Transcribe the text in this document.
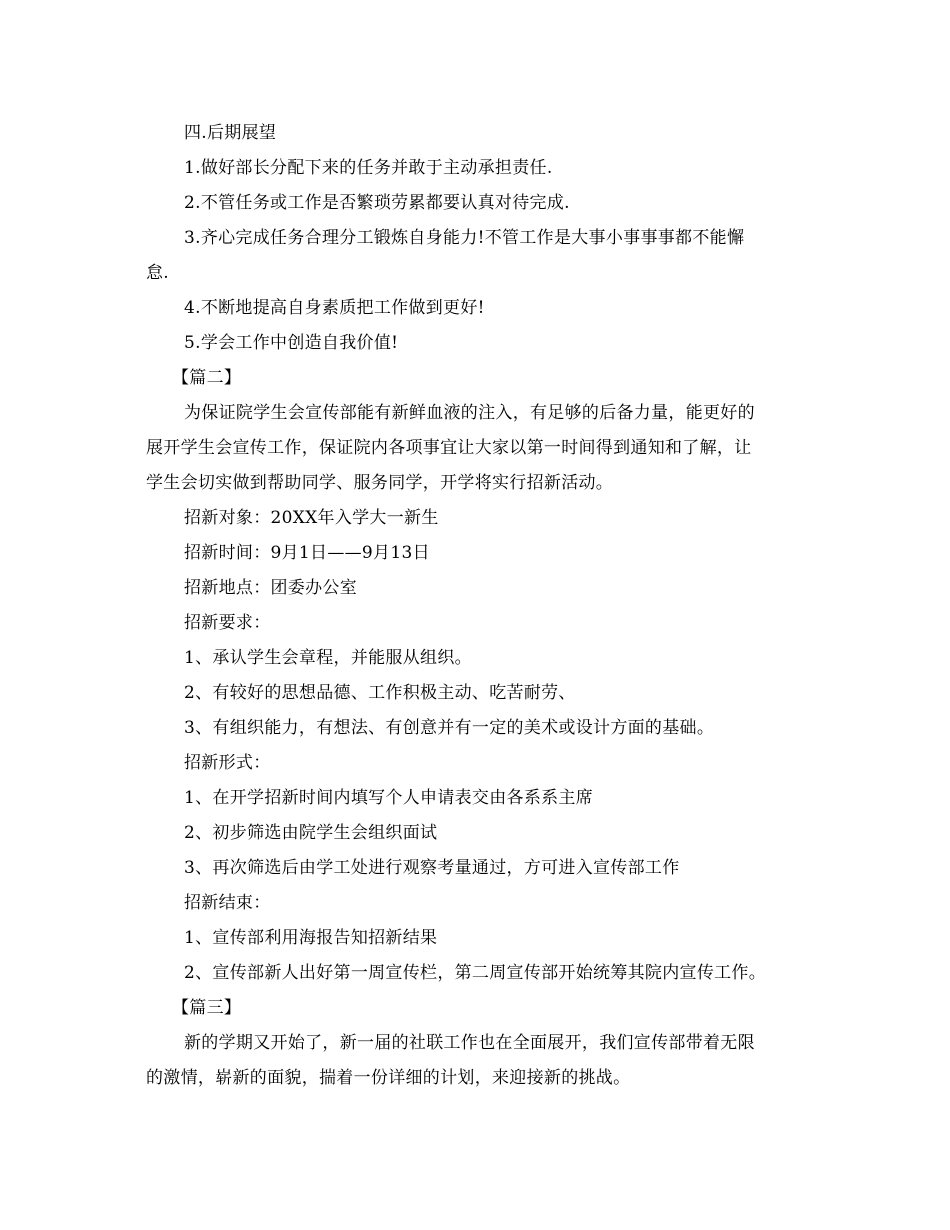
四.后期展望
1.做好部长分配下来的任务并敢于主动承担责任.
2.不管任务或工作是否繁琐劳累都要认真对待完成.
3.齐心完成任务合理分工锻炼自身能力!不管工作是大事小事事事都不能懈
怠.
4.不断地提高自身素质把工作做到更好!
5.学会工作中创造自我价值!
【篇二】
为保证院学生会宣传部能有新鲜血液的注入，有足够的后备力量，能更好的
展开学生会宣传工作，保证院内各项事宜让大家以第一时间得到通知和了解，让
学生会切实做到帮助同学、服务同学，开学将实行招新活动。
招新对象：20XX年入学大一新生
招新时间：9月1日——9月13日
招新地点：团委办公室
招新要求：
1、承认学生会章程，并能服从组织。
2、有较好的思想品德、工作积极主动、吃苦耐劳、
3、有组织能力，有想法、有创意并有一定的美术或设计方面的基础。
招新形式：
1、在开学招新时间内填写个人申请表交由各系系主席
2、初步筛选由院学生会组织面试
3、再次筛选后由学工处进行观察考量通过，方可进入宣传部工作
招新结束：
1、宣传部利用海报告知招新结果
2、宣传部新人出好第一周宣传栏，第二周宣传部开始统筹其院内宣传工作。
【篇三】
新的学期又开始了，新一届的社联工作也在全面展开，我们宣传部带着无限
的激情，崭新的面貌，揣着一份详细的计划，来迎接新的挑战。
